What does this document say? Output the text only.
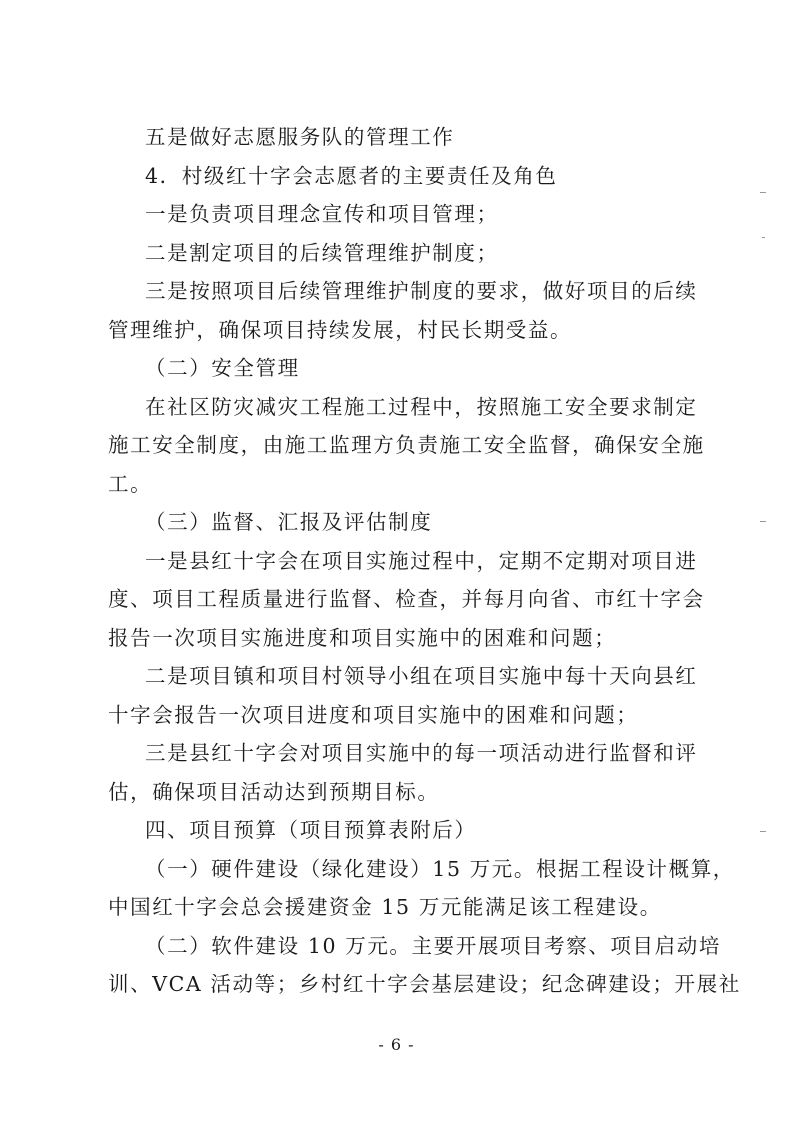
五是做好志愿服务队的管理工作
4．村级红十字会志愿者的主要责任及角色
一是负责项目理念宣传和项目管理；
二是割定项目的后续管理维护制度；
三是按照项目后续管理维护制度的要求，做好项目的后续
管理维护，确保项目持续发展，村民长期受益。
（二）安全管理
在社区防灾减灾工程施工过程中，按照施工安全要求制定
施工安全制度，由施工监理方负责施工安全监督，确保安全施
工。
（三）监督、汇报及评估制度
一是县红十字会在项目实施过程中，定期不定期对项目进
度、项目工程质量进行监督、检查，并每月向省、市红十字会
报告一次项目实施进度和项目实施中的困难和问题；
二是项目镇和项目村领导小组在项目实施中每十天向县红
十字会报告一次项目进度和项目实施中的困难和问题；
三是县红十字会对项目实施中的每一项活动进行监督和评
估，确保项目活动达到预期目标。
四、项目预算（项目预算表附后）
（一）硬件建设（绿化建设）15 万元。根据工程设计概算，
中国红十字会总会援建资金 15 万元能满足该工程建设。
（二）软件建设 10 万元。主要开展项目考察、项目启动培
训、VCA 活动等；乡村红十字会基层建设；纪念碑建设；开展社
- 6 -
